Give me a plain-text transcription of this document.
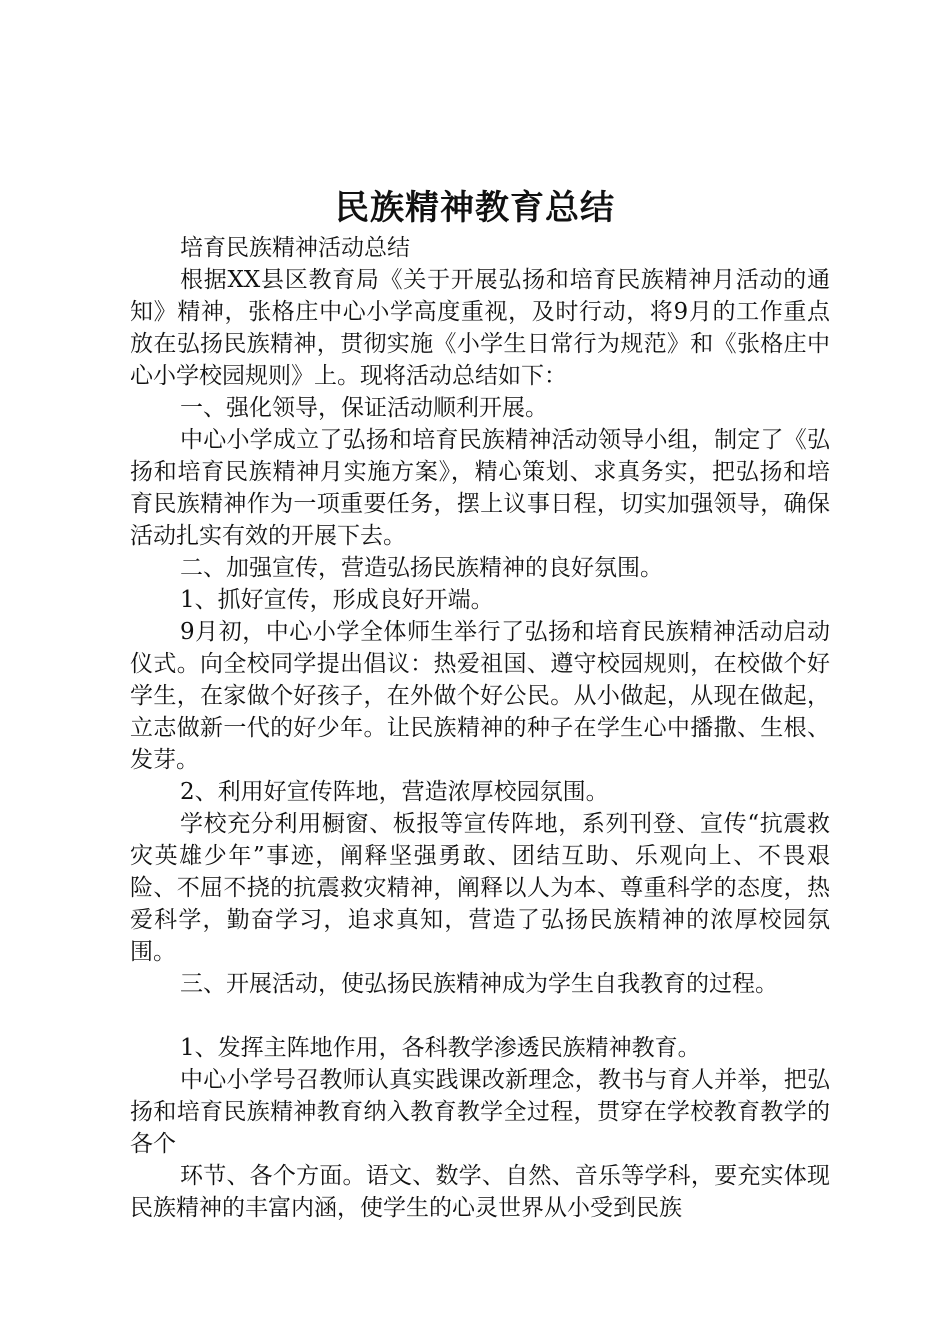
民族精神教育总结

培育民族精神活动总结

根据XX县区教育局《关于开展弘扬和培育民族精神月活动的通知》精神，张格庄中心小学高度重视，及时行动，将9月的工作重点放在弘扬民族精神，贯彻实施《小学生日常行为规范》和《张格庄中心小学校园规则》上。现将活动总结如下：

一、强化领导，保证活动顺利开展。

中心小学成立了弘扬和培育民族精神活动领导小组，制定了《弘扬和培育民族精神月实施方案》，精心策划、求真务实，把弘扬和培育民族精神作为一项重要任务，摆上议事日程，切实加强领导，确保活动扎实有效的开展下去。

二、加强宣传，营造弘扬民族精神的良好氛围。

1、抓好宣传，形成良好开端。

9月初，中心小学全体师生举行了弘扬和培育民族精神活动启动仪式。向全校同学提出倡议：热爱祖国、遵守校园规则，在校做个好学生，在家做个好孩子，在外做个好公民。从小做起，从现在做起，立志做新一代的好少年。让民族精神的种子在学生心中播撒、生根、发芽。

2、利用好宣传阵地，营造浓厚校园氛围。

学校充分利用橱窗、板报等宣传阵地，系列刊登、宣传“抗震救灾英雄少年”事迹，阐释坚强勇敢、团结互助、乐观向上、不畏艰险、不屈不挠的抗震救灾精神，阐释以人为本、尊重科学的态度，热爱科学，勤奋学习，追求真知，营造了弘扬民族精神的浓厚校园氛围。

三、开展活动，使弘扬民族精神成为学生自我教育的过程。

1、发挥主阵地作用，各科教学渗透民族精神教育。

中心小学号召教师认真实践课改新理念，教书与育人并举，把弘扬和培育民族精神教育纳入教育教学全过程，贯穿在学校教育教学的各个

环节、各个方面。语文、数学、自然、音乐等学科，要充实体现民族精神的丰富内涵，使学生的心灵世界从小受到民族
